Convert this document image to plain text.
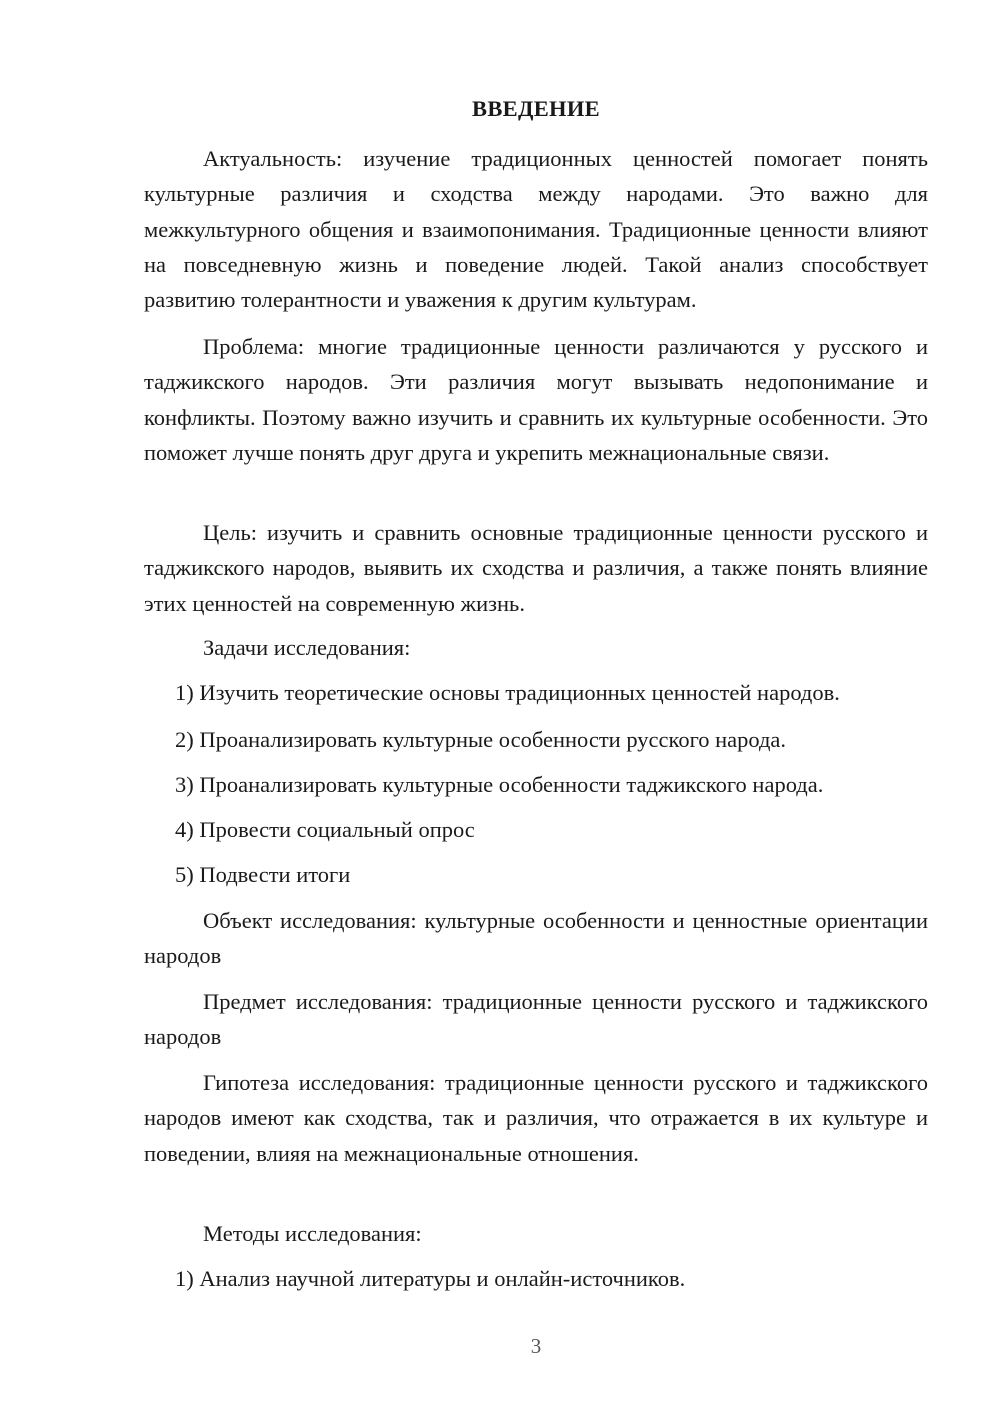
ВВЕДЕНИЕ
Актуальность: изучение традиционных ценностей помогает понять культурные различия и сходства между народами. Это важно для межкультурного общения и взаимопонимания. Традиционные ценности влияют на повседневную жизнь и поведение людей. Такой анализ способствует развитию толерантности и уважения к другим культурам.
Проблема: многие традиционные ценности различаются у русского и таджикского народов. Эти различия могут вызывать недопонимание и конфликты. Поэтому важно изучить и сравнить их культурные особенности. Это поможет лучше понять друг друга и укрепить межнациональные связи.
Цель: изучить и сравнить основные традиционные ценности русского и таджикского народов, выявить их сходства и различия, а также понять влияние этих ценностей на современную жизнь.
Задачи исследования:
1) Изучить теоретические основы традиционных ценностей народов.
2) Проанализировать культурные особенности русского народа.
3) Проанализировать культурные особенности таджикского народа.
4) Провести социальный опрос
5) Подвести итоги
Объект исследования: культурные особенности и ценностные ориентации народов
Предмет исследования: традиционные ценности русского и таджикского народов
Гипотеза исследования: традиционные ценности русского и таджикского народов имеют как сходства, так и различия, что отражается в их культуре и поведении, влияя на межнациональные отношения.
Методы исследования:
1) Анализ научной литературы и онлайн-источников.
3
